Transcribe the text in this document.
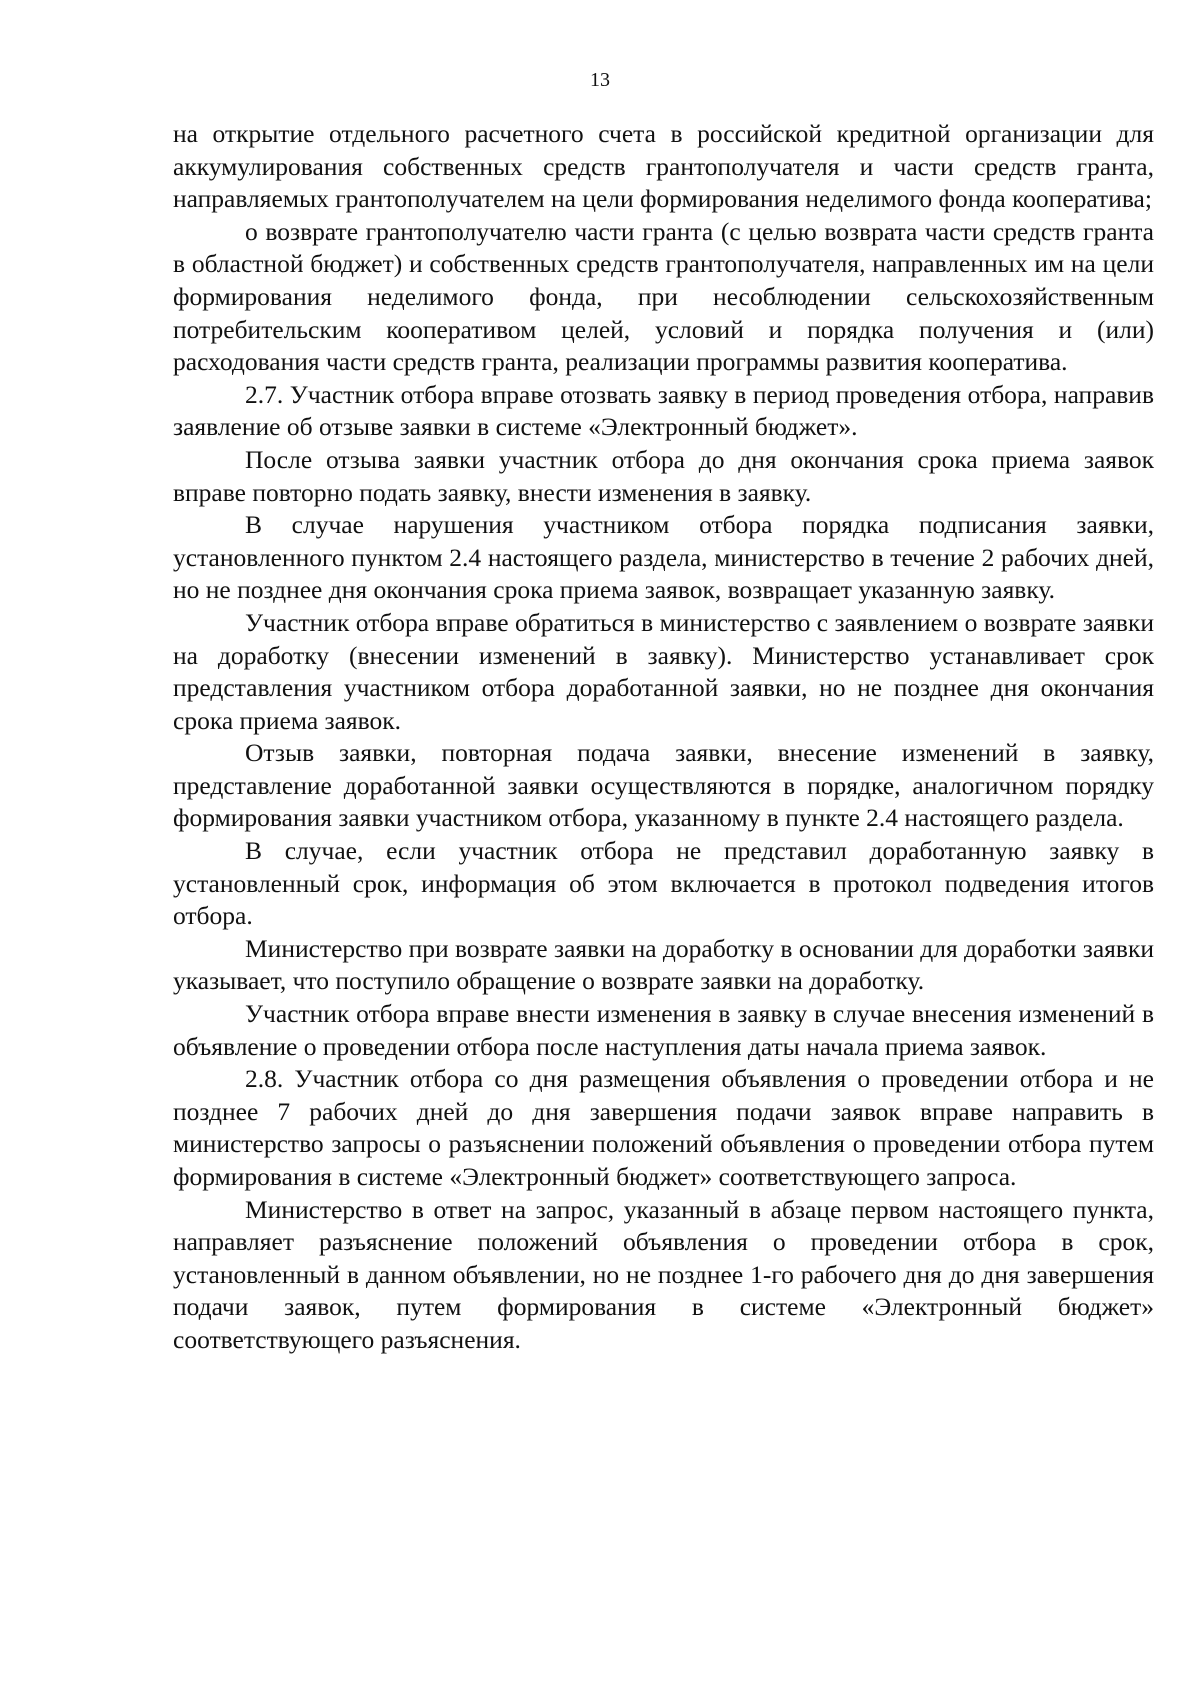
13

на открытие отдельного расчетного счета в российской кредитной организации для аккумулирования собственных средств грантополучателя и части средств гранта, направляемых грантополучателем на цели формирования неделимого фонда кооператива;

о возврате грантополучателю части гранта (с целью возврата части средств гранта в областной бюджет) и собственных средств грантополучателя, направленных им на цели формирования неделимого фонда, при несоблюдении сельскохозяйственным потребительским кооперативом целей, условий и порядка получения и (или) расходования части средств гранта, реализации программы развития кооператива.

2.7. Участник отбора вправе отозвать заявку в период проведения отбора, направив заявление об отзыве заявки в системе «Электронный бюджет».

После отзыва заявки участник отбора до дня окончания срока приема заявок вправе повторно подать заявку, внести изменения в заявку.

В случае нарушения участником отбора порядка подписания заявки, установленного пунктом 2.4 настоящего раздела, министерство в течение 2 рабочих дней, но не позднее дня окончания срока приема заявок, возвращает указанную заявку.

Участник отбора вправе обратиться в министерство с заявлением о возврате заявки на доработку (внесении изменений в заявку). Министерство устанавливает срок представления участником отбора доработанной заявки, но не позднее дня окончания срока приема заявок.

Отзыв заявки, повторная подача заявки, внесение изменений в заявку, представление доработанной заявки осуществляются в порядке, аналогичном порядку формирования заявки участником отбора, указанному в пункте 2.4 настоящего раздела.

В случае, если участник отбора не представил доработанную заявку в установленный срок, информация об этом включается в протокол подведения итогов отбора.

Министерство при возврате заявки на доработку в основании для доработки заявки указывает, что поступило обращение о возврате заявки на доработку.

Участник отбора вправе внести изменения в заявку в случае внесения изменений в объявление о проведении отбора после наступления даты начала приема заявок.

2.8. Участник отбора со дня размещения объявления о проведении отбора и не позднее 7 рабочих дней до дня завершения подачи заявок вправе направить в министерство запросы о разъяснении положений объявления о проведении отбора путем формирования в системе «Электронный бюджет» соответствующего запроса.

Министерство в ответ на запрос, указанный в абзаце первом настоящего пункта, направляет разъяснение положений объявления о проведении отбора в срок, установленный в данном объявлении, но не позднее 1-го рабочего дня до дня завершения подачи заявок, путем формирования в системе «Электронный бюджет» соответствующего разъяснения.
